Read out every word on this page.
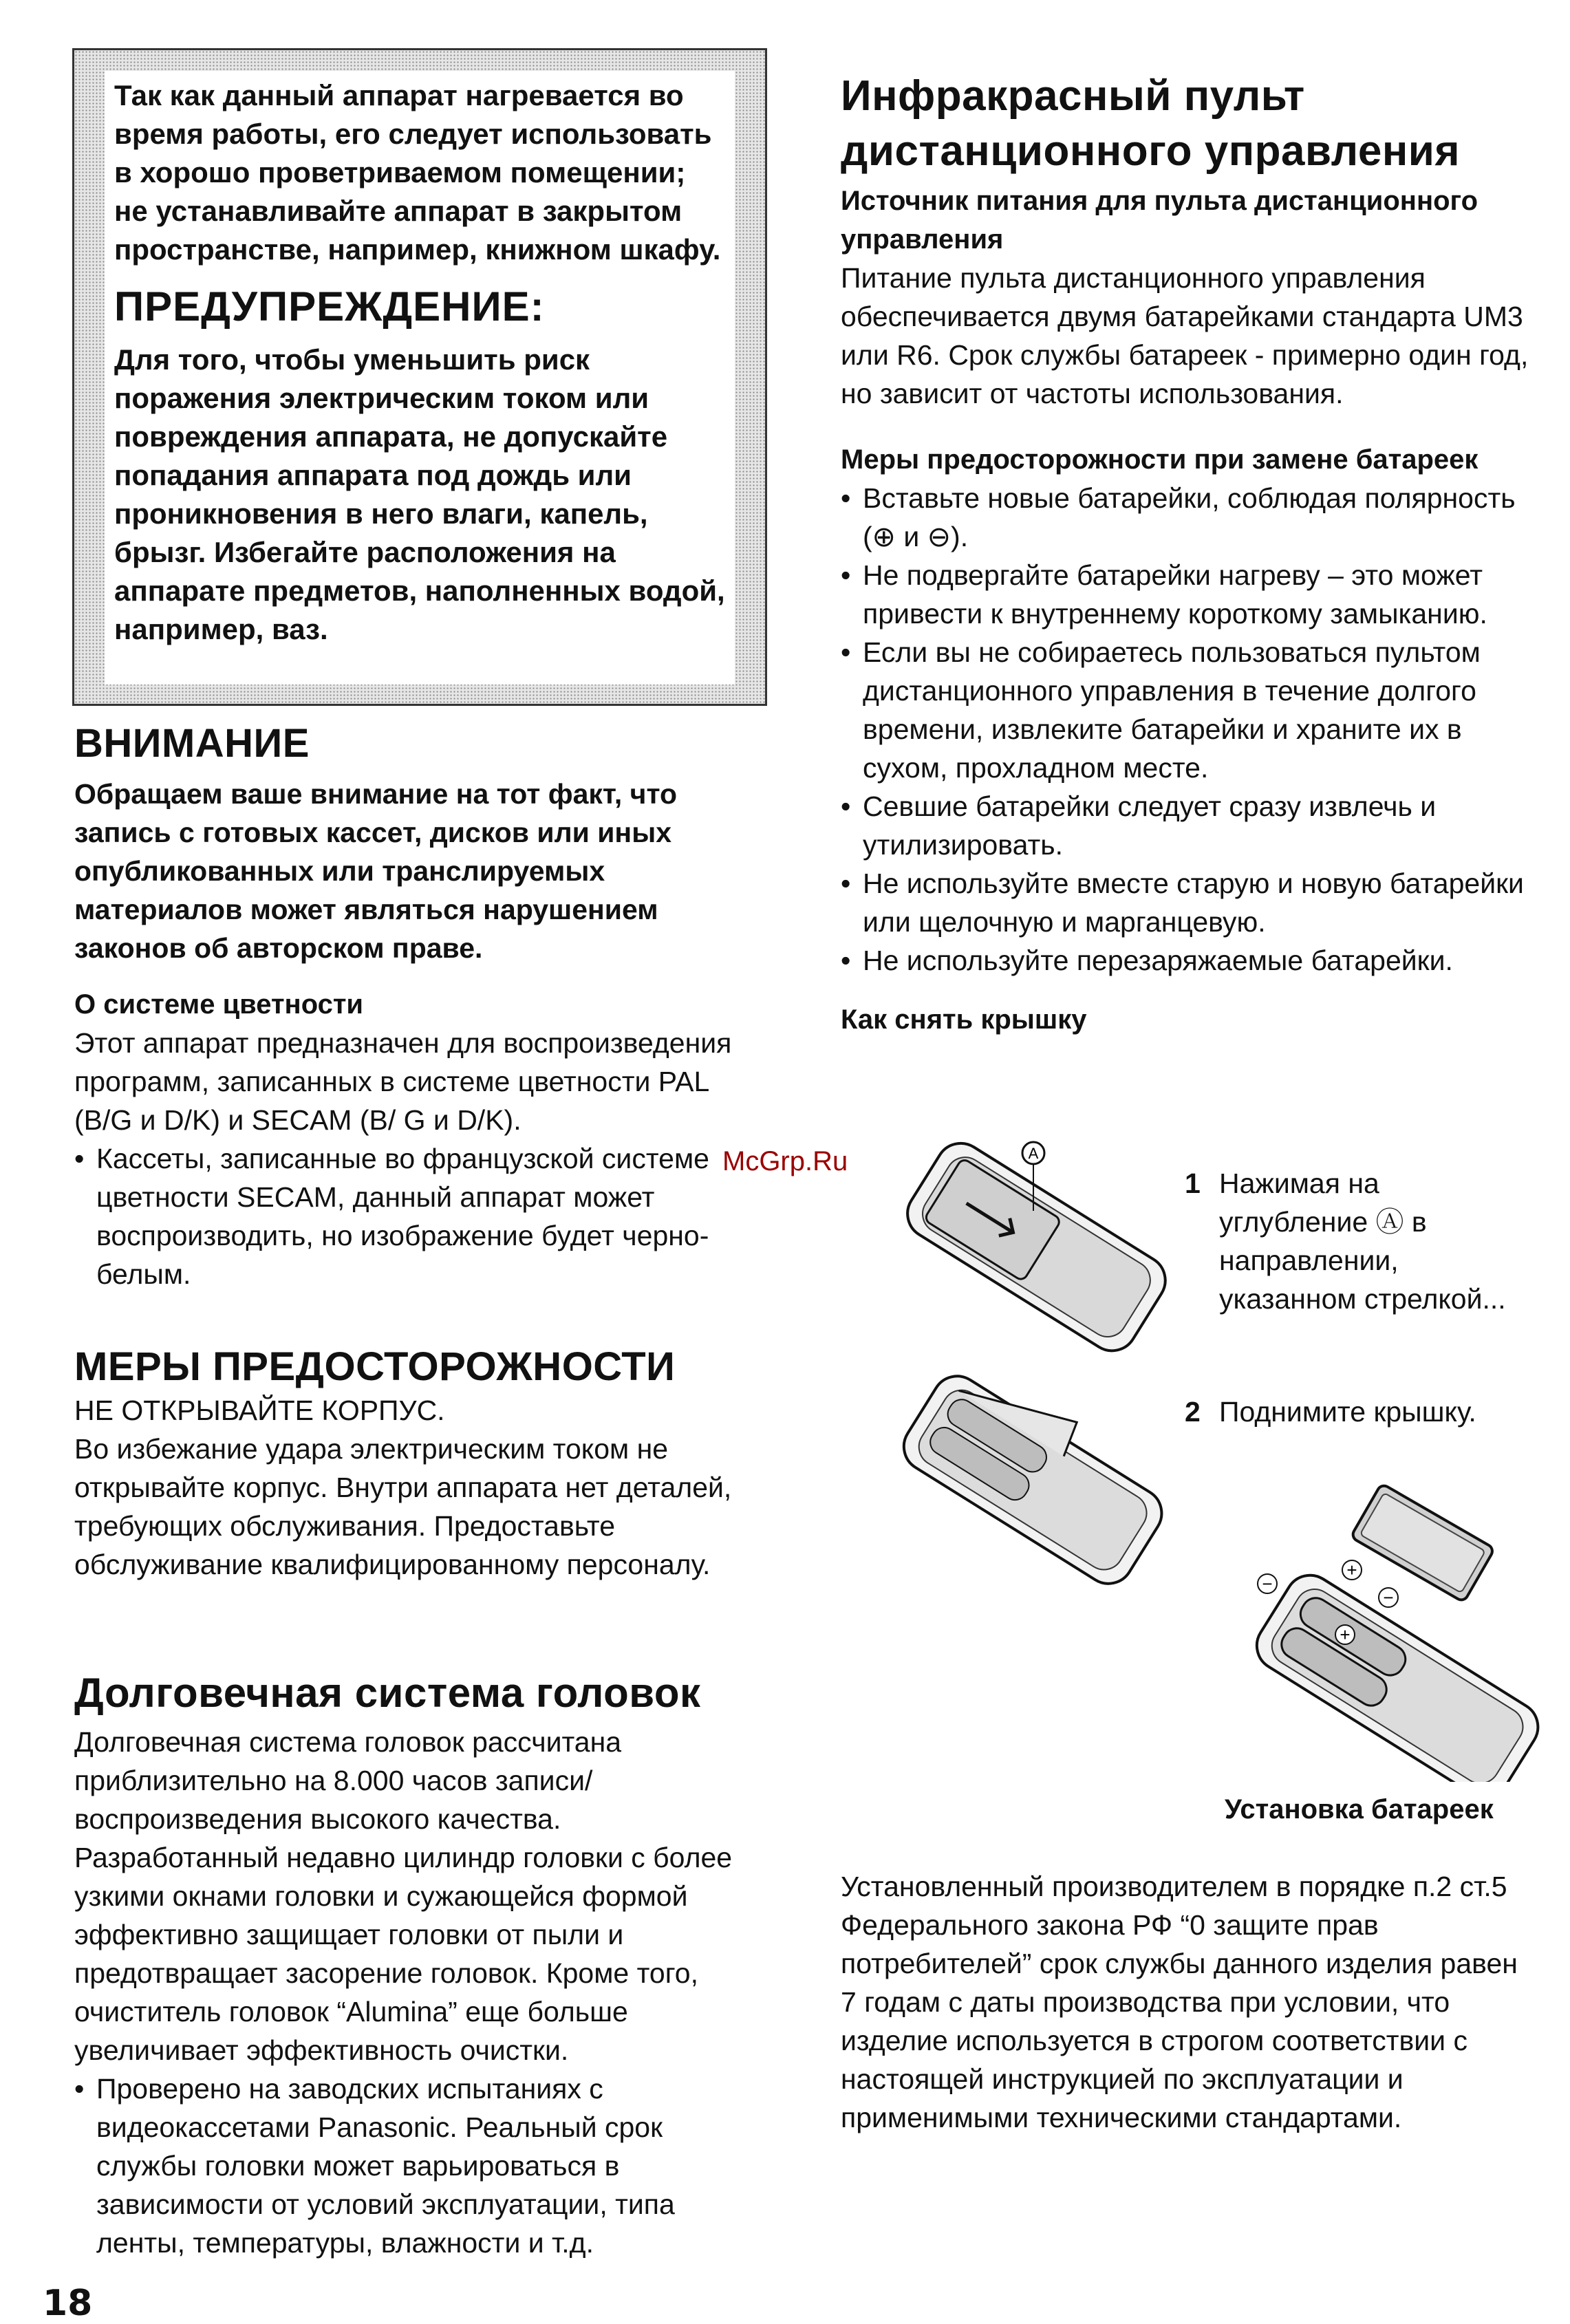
Так как данный аппарат нагревается во время работы, его следует использовать в хорошо проветриваемом помещении; не устанавливайте аппарат в закрытом пространстве, например, книжном шкафу.

ПРЕДУПРЕЖДЕНИЕ:

Для того, чтобы уменьшить риск поражения электрическим током или повреждения аппарата, не допускайте попадания аппарата под дождь или проникновения в него влаги, капель, брызг. Избегайте расположения на аппарате предметов, наполненных водой, например, ваз.

ВНИМАНИЕ

Обращаем ваше внимание на тот факт, что запись с готовых кассет, дисков или иных опубликованных или транслируемых материалов может являться нарушением законов об авторском праве.

О системе цветности

Этот аппарат предназначен для воспроизведения программ, записанных в системе цветности PAL (B/G и D/K) и SECAM (B/ G и D/K).

• Кассеты, записанные во французской системе цветности SECAM, данный аппарат может воспроизводить, но изображение будет черно-белым.

МЕРЫ ПРЕДОСТОРОЖНОСТИ

НЕ ОТКРЫВАЙТЕ КОРПУС.

Во избежание удара электрическим током не открывайте корпус. Внутри аппарата нет деталей, требующих обслуживания. Предоставьте обслуживание квалифицированному персоналу.

Долговечная система головок

Долговечная система головок рассчитана приблизительно на 8.000 часов записи/ воспроизведения высокого качества. Разработанный недавно цилиндр головки с более узкими окнами головки и сужающейся формой эффективно защищает головки от пыли и предотвращает засорение головок. Кроме того, очиститель головок “Alumina” еще больше увеличивает эффективность очистки.

• Проверено на заводских испытаниях с видеокассетами Panasonic. Реальный срок службы головки может варьироваться в зависимости от условий эксплуатации, типа ленты, температуры, влажности и т.д.
18

Инфракрасный пульт дистанционного управления

Источник питания для пульта дистанционного управления

Питание пульта дистанционного управления обеспечивается двумя батарейками стандарта UM3 или R6. Срок службы батареек - примерно один год, но зависит от частоты использования.

Меры предосторожности при замене батареек

• Вставьте новые батарейки, соблюдая полярность (⊕ и ⊖).
• Не подвергайте батарейки нагреву – это может привести к внутреннему короткому замыканию.
• Если вы не собираетесь пользоваться пультом дистанционного управления в течение долгого времени, извлеките батарейки и храните их в сухом, прохладном месте.
• Севшие батарейки следует сразу извлечь и утилизировать.
• Не используйте вместе старую и новую батарейки или щелочную и марганцевую.
• Не используйте перезаряжаемые батарейки.

Как снять крышку

A
+
−
−
+
1 Нажимая на углубление Ⓐ в направлении, указанном стрелкой...
2 Поднимите крышку.
Установка батареек

Установленный производителем в порядке п.2 ст.5 Федерального закона РФ “0 защите прав потребителей” срок службы данного изделия равен 7 годам с даты производства при условии, что изделие используется в строгом соответствии с настоящей инструкцией по эксплуатации и применимыми техническими стандартами.

McGrp.Ru
